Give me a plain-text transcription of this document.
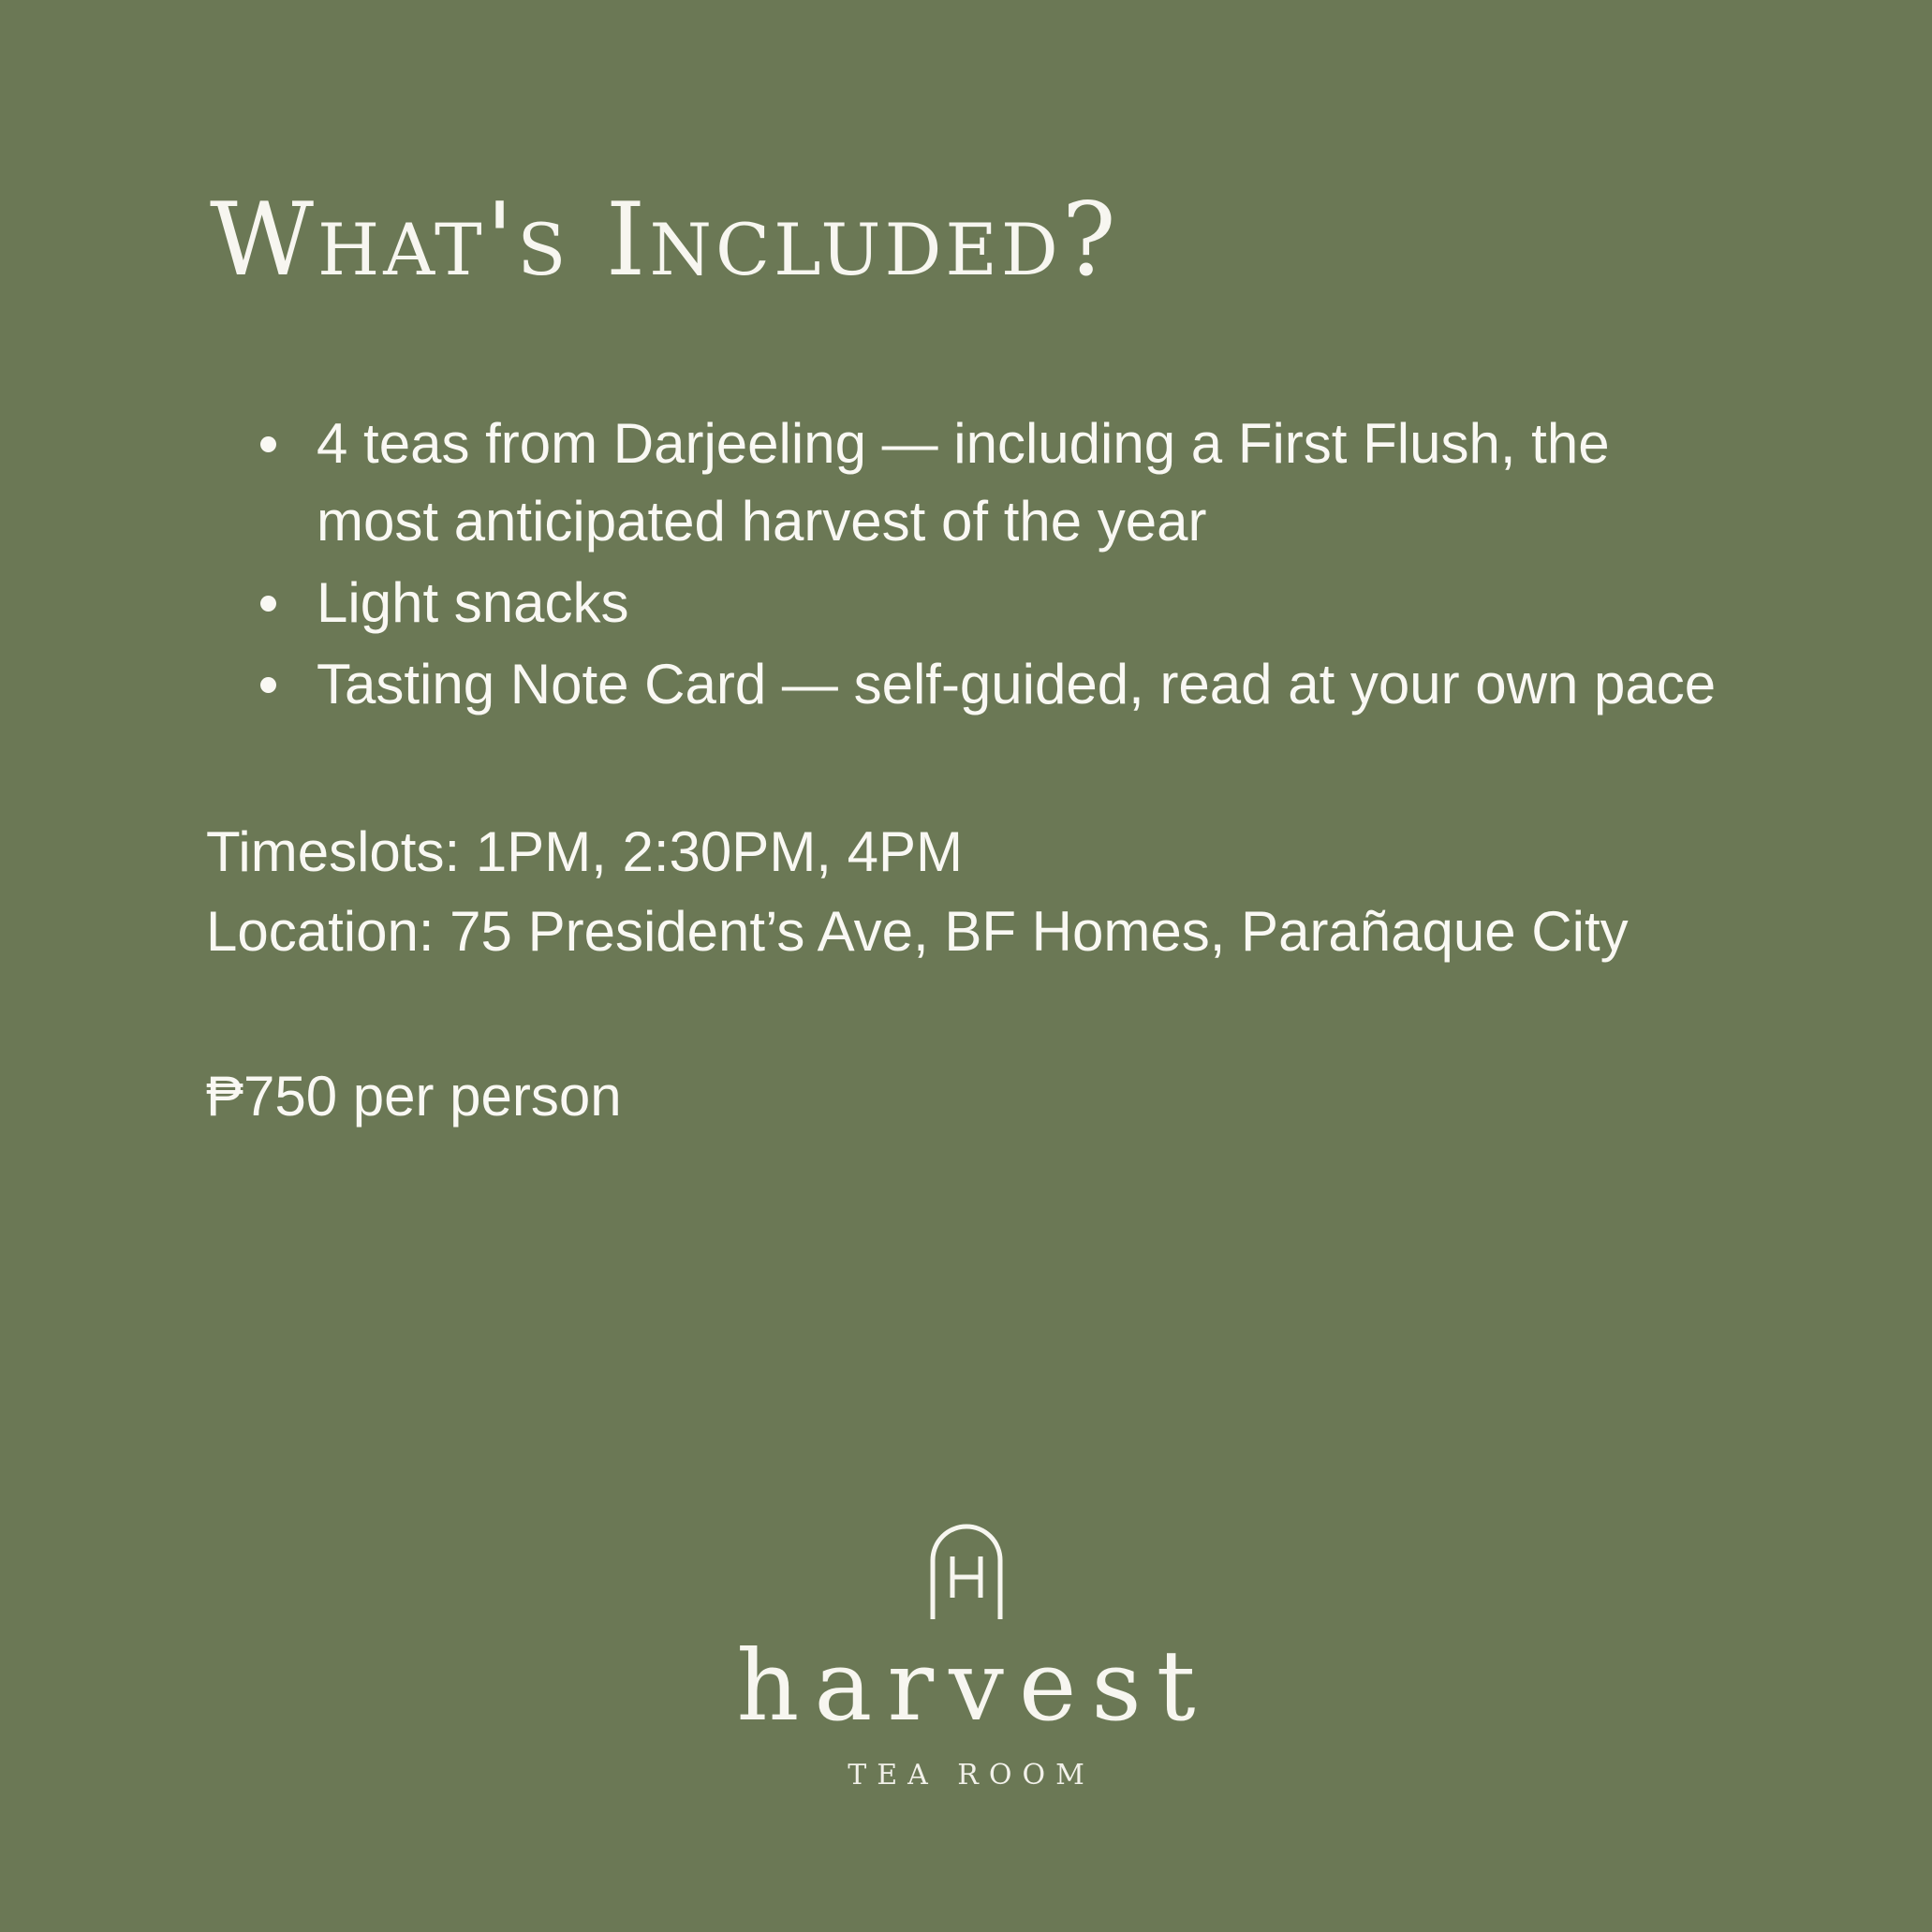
What's Included?
4 teas from Darjeeling — including a First Flush, the most anticipated harvest of the year
Light snacks
Tasting Note Card — self-guided, read at your own pace

Timeslots: 1PM, 2:30PM, 4PM

Location: 75 President’s Ave, BF Homes, Parañaque City

₱750 per person
harvest
TEA ROOM
